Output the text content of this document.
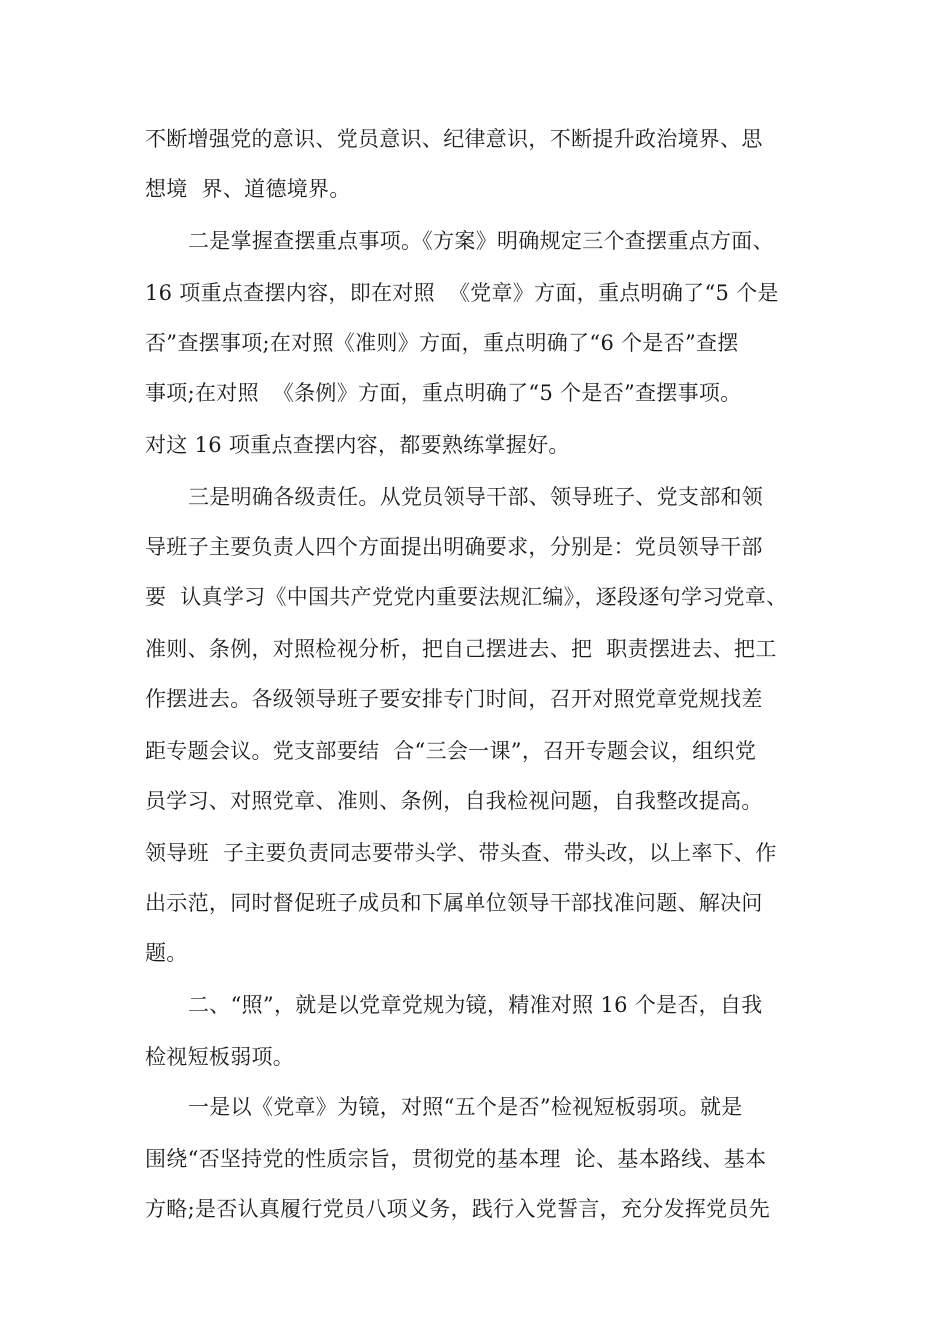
不断增强党的意识、党员意识、纪律意识，不断提升政治境界、思
想境  界、道德境界。
二是掌握查摆重点事项。《方案》明确规定三个查摆重点方面、
16 项重点查摆内容，即在对照  《党章》方面，重点明确了“5 个是
否”查摆事项;在对照《准则》方面，重点明确了“6 个是否”查摆
事项;在对照  《条例》方面，重点明确了“5 个是否”查摆事项。
对这 16 项重点查摆内容，都要熟练掌握好。
三是明确各级责任。从党员领导干部、领导班子、党支部和领
导班子主要负责人四个方面提出明确要求，分别是：党员领导干部
要  认真学习《中国共产党党内重要法规汇编》，逐段逐句学习党章、
准则、条例，对照检视分析，把自己摆进去、把  职责摆进去、把工
作摆进去。各级领导班子要安排专门时间，召开对照党章党规找差
距专题会议。党支部要结  合“三会一课”，召开专题会议，组织党
员学习、对照党章、准则、条例，自我检视问题，自我整改提高。
领导班  子主要负责同志要带头学、带头查、带头改，以上率下、作
出示范，同时督促班子成员和下属单位领导干部找准问题、解决问
题。
二、“照”，就是以党章党规为镜，精准对照 16 个是否，自我
检视短板弱项。
一是以《党章》为镜，对照“五个是否”检视短板弱项。就是
围绕“否坚持党的性质宗旨，贯彻党的基本理  论、基本路线、基本
方略;是否认真履行党员八项义务，践行入党誓言，充分发挥党员先
